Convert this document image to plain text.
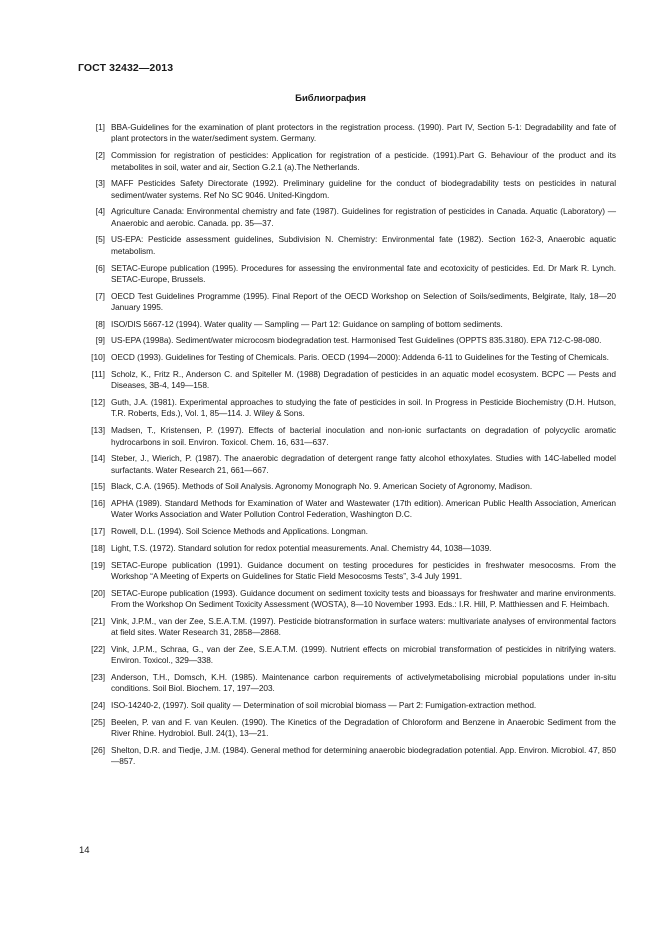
ГОСТ 32432—2013
Библиография
[1] BBA-Guidelines for the examination of plant protectors in the registration process. (1990). Part IV, Section 5-1: Degradability and fate of plant protectors in the water/sediment system. Germany.
[2] Commission for registration of pesticides: Application for registration of a pesticide. (1991).Part G. Behaviour of the product and its metabolites in soil, water and air, Section G.2.1 (a).The Netherlands.
[3] MAFF Pesticides Safety Directorate (1992). Preliminary guideline for the conduct of biodegradability tests on pesticides in natural sediment/water systems. Ref No SC 9046. United-Kingdom.
[4] Agriculture Canada: Environmental chemistry and fate (1987). Guidelines for registration of pesticides in Canada. Aquatic (Laboratory) — Anaerobic and aerobic. Canada. pp. 35—37.
[5] US-EPA: Pesticide assessment guidelines, Subdivision N. Chemistry: Environmental fate (1982). Section 162-3, Anaerobic aquatic metabolism.
[6] SETAC-Europe publication (1995). Procedures for assessing the environmental fate and ecotoxicity of pesticides. Ed. Dr Mark R. Lynch. SETAC-Europe, Brussels.
[7] OECD Test Guidelines Programme (1995). Final Report of the OECD Workshop on Selection of Soils/sediments, Belgirate, Italy, 18—20 January 1995.
[8] ISO/DIS 5667-12 (1994). Water quality — Sampling — Part 12: Guidance on sampling of bottom sediments.
[9] US-EPA (1998a). Sediment/water microcosm biodegradation test. Harmonised Test Guidelines (OPPTS 835.3180). EPA 712-C-98-080.
[10] OECD (1993). Guidelines for Testing of Chemicals. Paris. OECD (1994—2000): Addenda 6-11 to Guidelines for the Testing of Chemicals.
[11] Scholz, K., Fritz R., Anderson C. and Spiteller M. (1988) Degradation of pesticides in an aquatic model ecosystem. BCPC — Pests and Diseases, 3B-4, 149—158.
[12] Guth, J.A. (1981). Experimental approaches to studying the fate of pesticides in soil. In Progress in Pesticide Biochemistry (D.H. Hutson, T.R. Roberts, Eds.), Vol. 1, 85—114. J. Wiley & Sons.
[13] Madsen, T., Kristensen, P. (1997). Effects of bacterial inoculation and non-ionic surfactants on degradation of polycyclic aromatic hydrocarbons in soil. Environ. Toxicol. Chem. 16, 631—637.
[14] Steber, J., Wierich, P. (1987). The anaerobic degradation of detergent range fatty alcohol ethoxylates. Studies with 14C-labelled model surfactants. Water Research 21, 661—667.
[15] Black, C.A. (1965). Methods of Soil Analysis. Agronomy Monograph No. 9. American Society of Agronomy, Madison.
[16] APHA (1989). Standard Methods for Examination of Water and Wastewater (17th edition). American Public Health Association, American Water Works Association and Water Pollution Control Federation, Washington D.C.
[17] Rowell, D.L. (1994). Soil Science Methods and Applications. Longman.
[18] Light, T.S. (1972). Standard solution for redox potential measurements. Anal. Chemistry 44, 1038—1039.
[19] SETAC-Europe publication (1991). Guidance document on testing procedures for pesticides in freshwater mesocosms. From the Workshop “A Meeting of Experts on Guidelines for Static Field Mesocosms Tests”, 3-4 July 1991.
[20] SETAC-Europe publication (1993). Guidance document on sediment toxicity tests and bioassays for freshwater and marine environments. From the Workshop On Sediment Toxicity Assessment (WOSTA), 8—10 November 1993. Eds.: I.R. Hill, P. Matthiessen and F. Heimbach.
[21] Vink, J.P.M., van der Zee, S.E.A.T.M. (1997). Pesticide biotransformation in surface waters: multivariate analyses of environmental factors at field sites. Water Research 31, 2858—2868.
[22] Vink, J.P.M., Schraa, G., van der Zee, S.E.A.T.M. (1999). Nutrient effects on microbial transformation of pesticides in nitrifying waters. Environ. Toxicol., 329—338.
[23] Anderson, T.H., Domsch, K.H. (1985). Maintenance carbon requirements of activelymetabolising microbial populations under in-situ conditions. Soil Biol. Biochem. 17, 197—203.
[24] ISO-14240-2, (1997). Soil quality — Determination of soil microbial biomass — Part 2: Fumigation-extraction method.
[25] Beelen, P. van and F. van Keulen. (1990). The Kinetics of the Degradation of Chloroform and Benzene in Anaerobic Sediment from the River Rhine. Hydrobiol. Bull. 24(1), 13—21.
[26] Shelton, D.R. and Tiedje, J.M. (1984). General method for determining anaerobic biodegradation potential. App. Environ. Microbiol. 47, 850—857.
14
